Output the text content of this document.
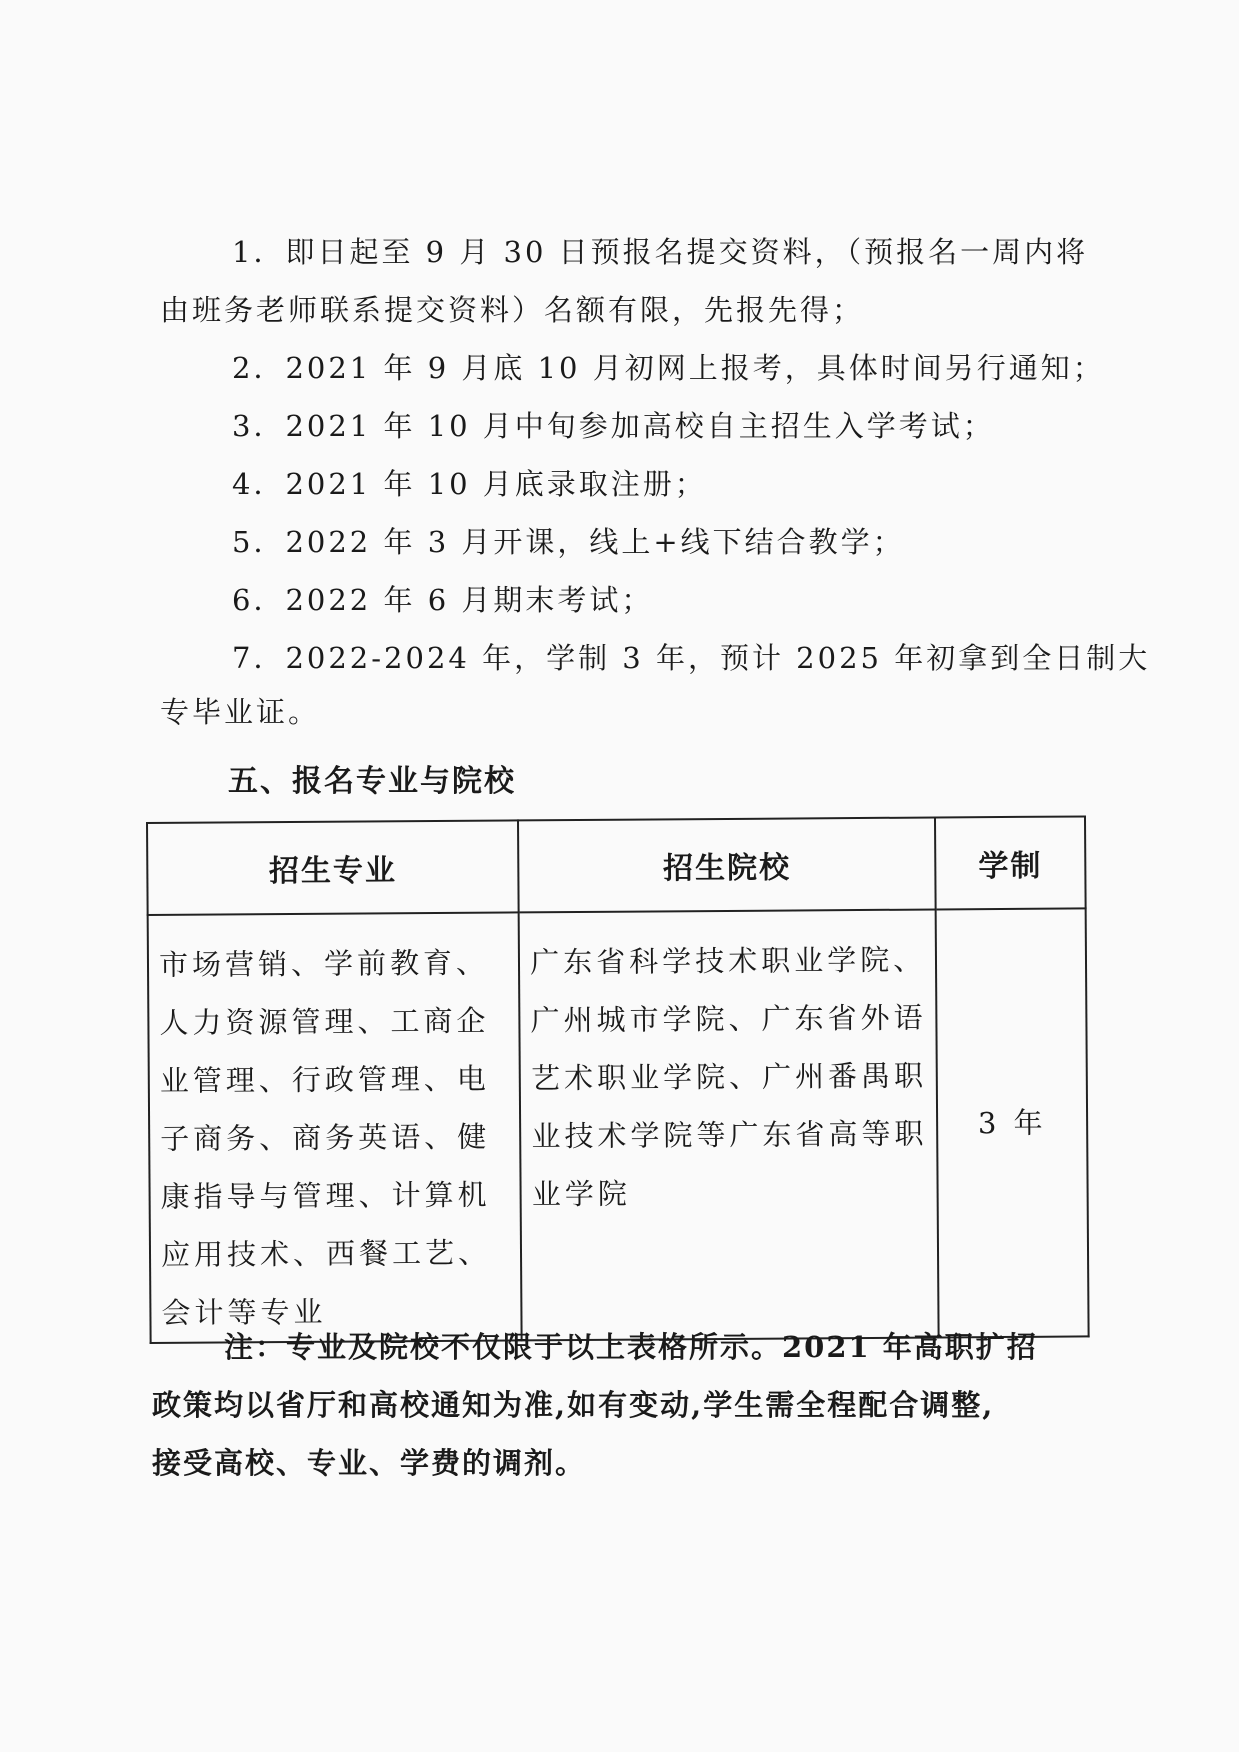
1．即日起至 9 月 30 日预报名提交资料，（预报名一周内将
由班务老师联系提交资料）名额有限，先报先得；
2．2021 年 9 月底 10 月初网上报考，具体时间另行通知；
3．2021 年 10 月中旬参加高校自主招生入学考试；
4．2021 年 10 月底录取注册；
5．2022 年 3 月开课，线上+线下结合教学；
6．2022 年 6 月期末考试；
7．2022-2024 年，学制 3 年，预计 2025 年初拿到全日制大
专毕业证。
五、报名专业与院校
招生专业	招生院校	学制
市场营销、学前教育、人力资源管理、工商企业管理、行政管理、电子商务、商务英语、健康指导与管理、计算机应用技术、西餐工艺、会计等专业	广东省科学技术职业学院、广州城市学院、广东省外语艺术职业学院、广州番禺职业技术学院等广东省高等职业学院	3 年
注：专业及院校不仅限于以上表格所示。2021 年高职扩招
政策均以省厅和高校通知为准,如有变动,学生需全程配合调整,
接受高校、专业、学费的调剂。
